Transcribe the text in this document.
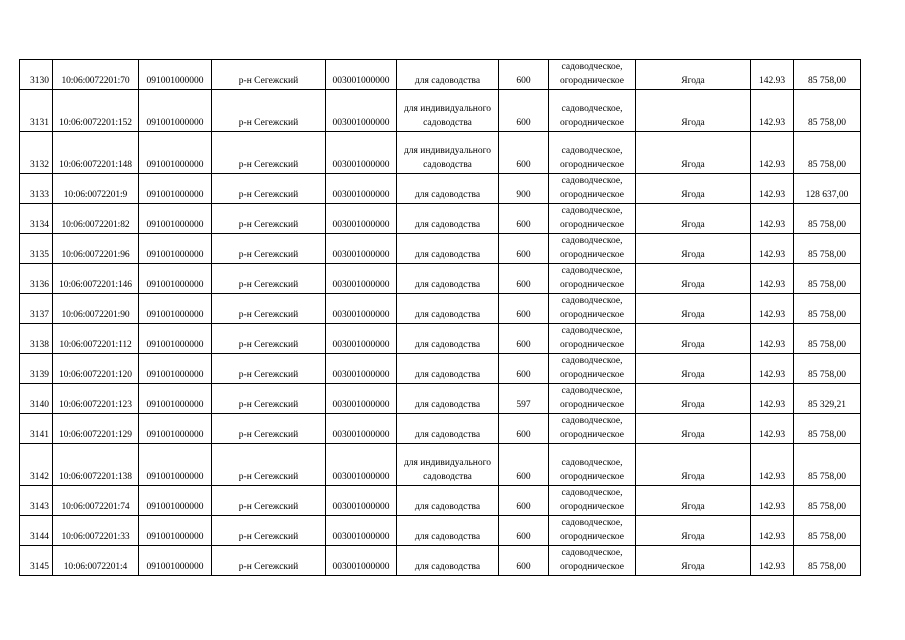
3130	10:06:0072201:70	091001000000	р-н Сегежский	003001000000	для садоводства	600	садоводческое, огородническое	Ягода	142.93	85 758,00
3131	10:06:0072201:152	091001000000	р-н Сегежский	003001000000	для индивидуального садоводства	600	садоводческое, огородническое	Ягода	142.93	85 758,00
3132	10:06:0072201:148	091001000000	р-н Сегежский	003001000000	для индивидуального садоводства	600	садоводческое, огородническое	Ягода	142.93	85 758,00
3133	10:06:0072201:9	091001000000	р-н Сегежский	003001000000	для садоводства	900	садоводческое, огородническое	Ягода	142.93	128 637,00
3134	10:06:0072201:82	091001000000	р-н Сегежский	003001000000	для садоводства	600	садоводческое, огородническое	Ягода	142.93	85 758,00
3135	10:06:0072201:96	091001000000	р-н Сегежский	003001000000	для садоводства	600	садоводческое, огородническое	Ягода	142.93	85 758,00
3136	10:06:0072201:146	091001000000	р-н Сегежский	003001000000	для садоводства	600	садоводческое, огородническое	Ягода	142.93	85 758,00
3137	10:06:0072201:90	091001000000	р-н Сегежский	003001000000	для садоводства	600	садоводческое, огородническое	Ягода	142.93	85 758,00
3138	10:06:0072201:112	091001000000	р-н Сегежский	003001000000	для садоводства	600	садоводческое, огородническое	Ягода	142.93	85 758,00
3139	10:06:0072201:120	091001000000	р-н Сегежский	003001000000	для садоводства	600	садоводческое, огородническое	Ягода	142.93	85 758,00
3140	10:06:0072201:123	091001000000	р-н Сегежский	003001000000	для садоводства	597	садоводческое, огородническое	Ягода	142.93	85 329,21
3141	10:06:0072201:129	091001000000	р-н Сегежский	003001000000	для садоводства	600	садоводческое, огородническое	Ягода	142.93	85 758,00
3142	10:06:0072201:138	091001000000	р-н Сегежский	003001000000	для индивидуального садоводства	600	садоводческое, огородническое	Ягода	142.93	85 758,00
3143	10:06:0072201:74	091001000000	р-н Сегежский	003001000000	для садоводства	600	садоводческое, огородническое	Ягода	142.93	85 758,00
3144	10:06:0072201:33	091001000000	р-н Сегежский	003001000000	для садоводства	600	садоводческое, огородническое	Ягода	142.93	85 758,00
3145	10:06:0072201:4	091001000000	р-н Сегежский	003001000000	для садоводства	600	садоводческое, огородническое	Ягода	142.93	85 758,00
